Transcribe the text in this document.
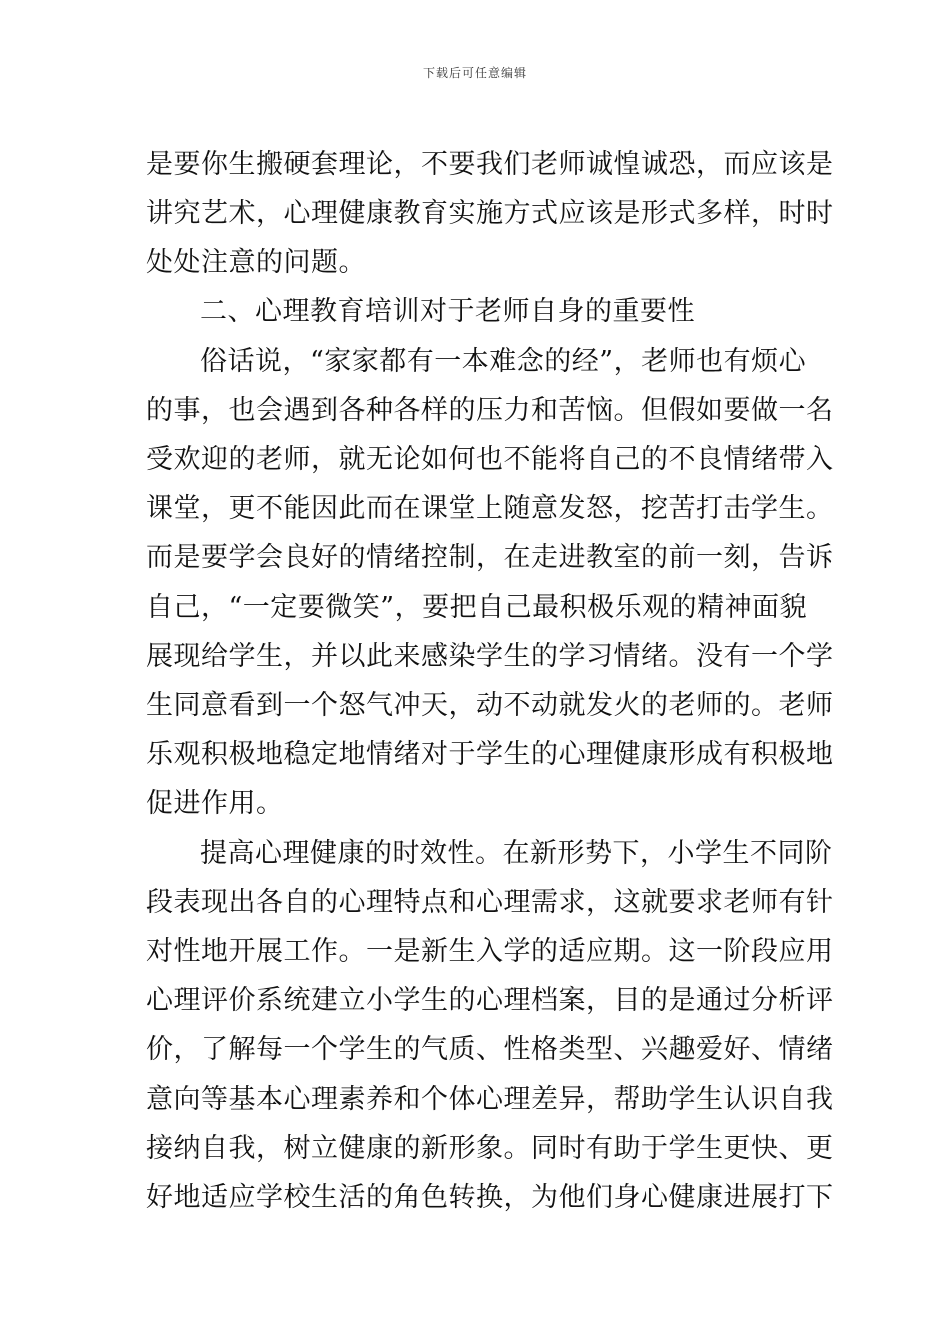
下载后可任意编辑
是要你生搬硬套理论，不要我们老师诚惶诚恐，而应该是
讲究艺术，心理健康教育实施方式应该是形式多样，时时
处处注意的问题。
二、心理教育培训对于老师自身的重要性
俗话说，“家家都有一本难念的经”，老师也有烦心
的事，也会遇到各种各样的压力和苦恼。但假如要做一名
受欢迎的老师，就无论如何也不能将自己的不良情绪带入
课堂，更不能因此而在课堂上随意发怒，挖苦打击学生。
而是要学会良好的情绪控制，在走进教室的前一刻，告诉
自己，“一定要微笑”，要把自己最积极乐观的精神面貌
展现给学生，并以此来感染学生的学习情绪。没有一个学
生同意看到一个怒气冲天，动不动就发火的老师的。老师
乐观积极地稳定地情绪对于学生的心理健康形成有积极地
促进作用。
提高心理健康的时效性。在新形势下，小学生不同阶
段表现出各自的心理特点和心理需求，这就要求老师有针
对性地开展工作。一是新生入学的适应期。这一阶段应用
心理评价系统建立小学生的心理档案，目的是通过分析评
价，了解每一个学生的气质、性格类型、兴趣爱好、情绪
意向等基本心理素养和个体心理差异，帮助学生认识自我
接纳自我，树立健康的新形象。同时有助于学生更快、更
好地适应学校生活的角色转换，为他们身心健康进展打下
